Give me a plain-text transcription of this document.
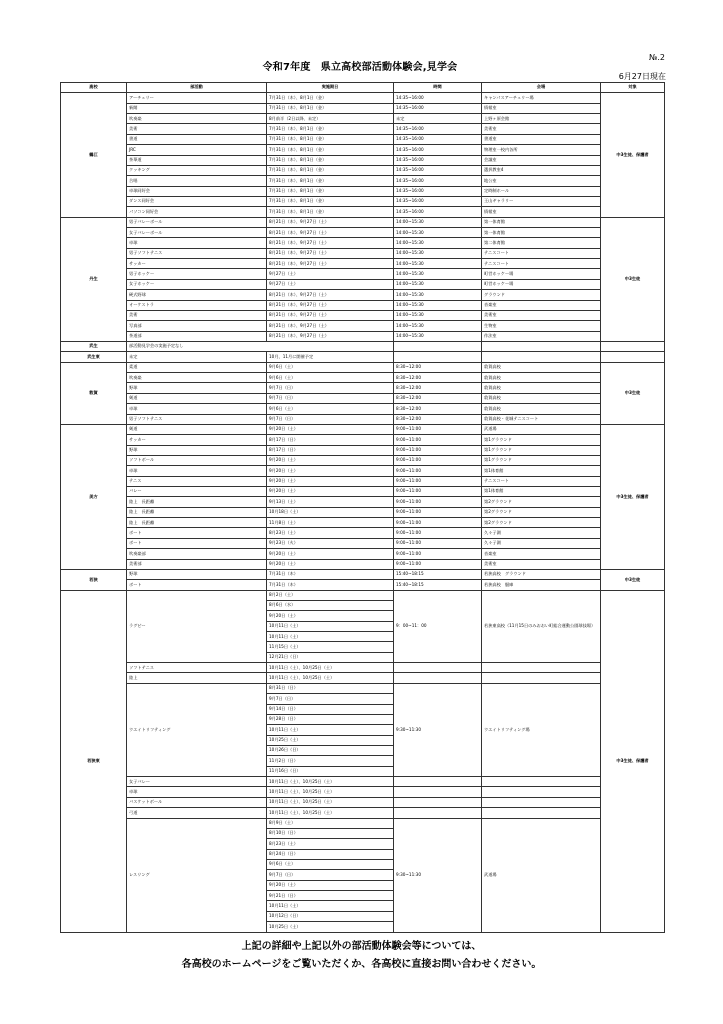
№.2
令和7年度　県立高校部活動体験会,見学会
6月27日現在
高校	部活動	実施期日	時間	会場	対象
鶴江	アーチェリー	7月31日（木）、8月1日（金）	14:35~16:00	キャンパスアーチェリー場	中3生徒、保護者
	新聞	7月31日（木）、8月1日（金）	14:35~16:00	情報室	
	吹奏楽	8月前半（2日以降、未定）	未定	上野ヶ原会館	
	美術	7月31日（木）、8月1日（金）	14:35~16:00	美術室	
	書道	7月31日（木）、8月1日（金）	14:35~16:00	書道室	
	JRC	7月31日（木）、8月1日（金）	14:35~16:00	物理室一校内各所	
	茶華道	7月31日（木）、8月1日（金）	14:35~16:00	会議室	
	クッキング	7月31日（木）、8月1日（金）	14:35~16:00	選択教室4	
	合唱	7月31日（木）、8月1日（金）	14:35~16:00	地公室	
	卓球同好会	7月31日（木）、8月1日（金）	14:35~16:00	定時制ホール	
	ダンス同好会	7月31日（木）、8月1日（金）	14:35~16:00	王山ギャラリー	
	パソコン同好会	7月31日（木）、8月1日（金）	14:35~16:00	情報室	
丹生	男子バレーボール	8月21日（木）、9月27日（土）	14:00~15:30	第一体育館	中3生徒
	女子バレーボール	8月21日（木）、9月27日（土）	14:00~15:30	第一体育館	
	卓球	8月21日（木）、9月27日（土）	14:00~15:30	第二体育館	
	男子ソフトテニス	8月21日（木）、9月27日（土）	14:00~15:30	テニスコート	
	サッカー	8月21日（木）、9月27日（土）	14:00~15:30	テニスコート	
	男子ホッケー	9月27日（土）	14:00~15:30	町営ホッケー場	
	女子ホッケー	9月27日（土）	14:00~15:30	町営ホッケー場	
	硬式野球	8月21日（木）、9月27日（土）	14:00~15:30	グラウンド	
	オーケストラ	8月21日（木）、9月27日（土）	14:00~15:30	音楽室	
	美術	8月21日（木）、9月27日（土）	14:00~15:30	美術室	
	写真部	8月21日（木）、9月27日（土）	14:00~15:30	生物室	
	茶道部	8月21日（木）、9月27日（土）	14:00~15:30	作法室	
武生	部活動見学会の実施予定なし				
武生東	未定	10月、11月に開催予定			
敦賀	柔道	9月6日（土）	8:30~12:00	敦賀高校	中3生徒
	吹奏楽	9月6日（土）	8:30~12:00	敦賀高校	
	野球	9月7日（日）	8:30~12:00	敦賀高校	
	剣道	9月7日（日）	8:30~12:00	敦賀高校	
	卓球	9月6日（土）	8:30~12:00	敦賀高校	
	男子ソフトテニス	9月7日（日）	8:30~12:00	敦賀高校・花城テニスコート	
美方	剣道	9月20日（土）	9:00~11:00	武道場	中3生徒、保護者
	サッカー	8月17日（日）	9:00~11:00	第1グラウンド	
	野球	8月17日（日）	9:00~11:00	第1グラウンド	
	ソフトボール	9月20日（土）	9:00~11:00	第1グラウンド	
	卓球	9月20日（土）	9:00~11:00	第1体育館	
	テニス	9月20日（土）	9:00~11:00	テニスコート	
	バレー	9月20日（土）	9:00~11:00	第1体育館	
	陸上　長距離	9月13日（土）	9:00~11:00	第2グラウンド	
	陸上　長距離	10月18日（土）	9:00~11:00	第2グラウンド	
	陸上　長距離	11月8日（土）	9:00~11:00	第2グラウンド	
	ボート	8月23日（土）	9:00~11:00	久々子湖	
	ボート	9月23日（火）	9:00~11:00	久々子湖	
	吹奏楽部	9月20日（土）	9:00~11:00	音楽室	
	美術部	9月20日（土）	9:00~11:00	美術室	
若狭	野球	7月31日（木）	15:40~18:15	若狭高校　グラウンド	中3生徒
	ボート	7月31日（木）	15:40~18:15	若狭高校　艇庫	
若狭東	ラグビー	8月2日（土）	9：00~11：00	若狭東高校（11月15日のみおおい町総合運動公園球技場）	中3生徒、保護者
		8月6日（水）			
		9月20日（土）			
		10月11日（土）			
		10月11日（土）			
		11月15日（土）			
		12月21日（日）			
	ソフトテニス	10月11日（土）、10月25日（土）			
	陸上	10月11日（土）、10月25日（土）			
	ウエイトリフティング	8月31日（日）	9:30~11:30	ウエイトリフティング場	
		9月7日（日）			
		9月14日（日）			
		9月28日（日）			
		10月11日（土）			
		10月25日（土）			
		10月26日（日）			
		11月2日（日）			
		11月16日（日）			
	女子バレー	10月11日（土）、10月25日（土）			
	卓球	10月11日（土）、10月25日（土）			
	バスケットボール	10月11日（土）、10月25日（土）			
	弓道	10月11日（土）、10月25日（土）			
	レスリング	8月9日（土）	9:30~11:30	武道場	
		8月10日（日）			
		8月23日（土）			
		8月24日（日）			
		9月6日（土）			
		9月7日（日）			
		9月20日（土）			
		9月21日（日）			
		10月11日（土）			
		10月12日（日）			
		10月25日（土）			
上記の詳細や上記以外の部活動体験会等については、
各高校のホームページをご覧いただくか、各高校に直接お問い合わせください。
